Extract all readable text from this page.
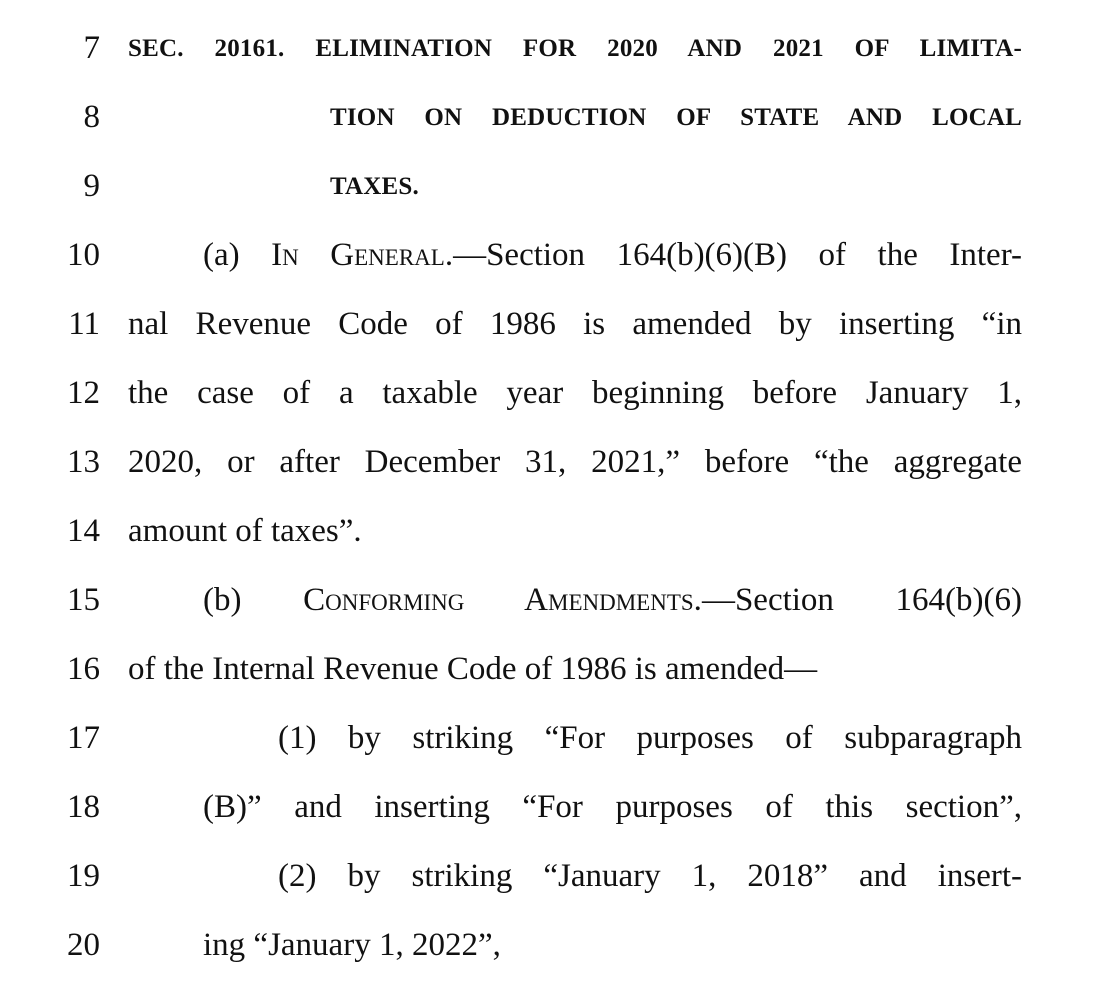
7 SEC. 20161. ELIMINATION FOR 2020 AND 2021 OF LIMITA-
8	TION ON DEDUCTION OF STATE AND LOCAL
9	TAXES.
10	(a) In General.—Section 164(b)(6)(B) of the Inter-
11 nal Revenue Code of 1986 is amended by inserting “in
12 the case of a taxable year beginning before January 1,
13 2020, or after December 31, 2021,” before “the aggregate
14 amount of taxes”.
15	(b) Conforming Amendments.—Section 164(b)(6)
16 of the Internal Revenue Code of 1986 is amended—
17	(1) by striking “For purposes of subparagraph
18	(B)” and inserting “For purposes of this section”,
19	(2) by striking “January 1, 2018” and insert-
20	ing “January 1, 2022”,
